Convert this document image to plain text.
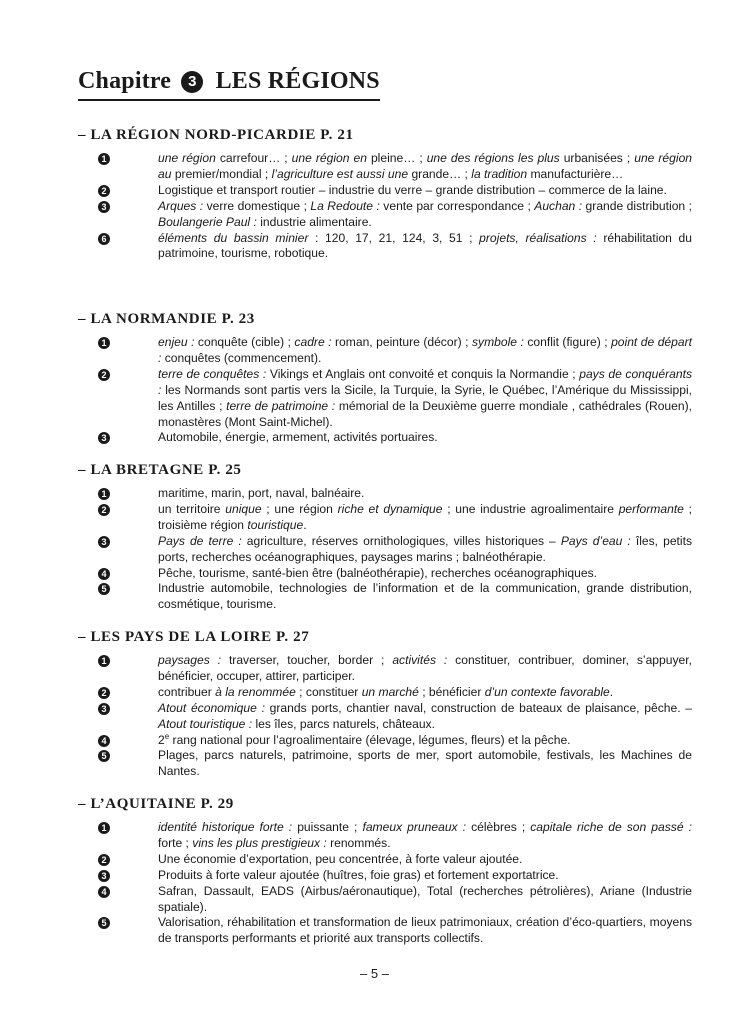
Chapitre 3 LES RÉGIONS
– LA RÉGION NORD-PICARDIE P. 21
1	une région carrefour… ; une région en pleine… ; une des régions les plus urbanisées ; une région au premier/mondial ; l’agriculture est aussi une grande… ; la tradition manufacturière…
2	Logistique et transport routier – industrie du verre – grande distribution – commerce de la laine.
3	Arques : verre domestique ; La Redoute : vente par correspondance ; Auchan : grande distribution ; Boulangerie Paul : industrie alimentaire.
6	éléments du bassin minier : 120, 17, 21, 124, 3, 51 ; projets, réalisations : réhabilitation du patrimoine, tourisme, robotique.
– LA NORMANDIE P. 23
1	enjeu : conquête (cible) ; cadre : roman, peinture (décor) ; symbole : conflit (figure) ; point de départ : conquêtes (commencement).
2	terre de conquêtes : Vikings et Anglais ont convoité et conquis la Normandie ; pays de conquérants : les Normands sont partis vers la Sicile, la Turquie, la Syrie, le Québec, l’Amérique du Mississippi, les Antilles ; terre de patrimoine : mémorial de la Deuxième guerre mondiale , cathédrales (Rouen), monastères (Mont Saint-Michel).
3	Automobile, énergie, armement, activités portuaires.
– LA BRETAGNE P. 25
1	maritime, marin, port, naval, balnéaire.
2	un territoire unique ; une région riche et dynamique ; une industrie agroalimentaire performante ; troisième région touristique.
3	Pays de terre : agriculture, réserves ornithologiques, villes historiques – Pays d’eau : îles, petits ports, recherches océanographiques, paysages marins ; balnéothérapie.
4	Pêche, tourisme, santé-bien être (balnéothérapie), recherches océanographiques.
5	Industrie automobile, technologies de l’information et de la communication, grande distribution, cosmétique, tourisme.
– LES PAYS DE LA LOIRE P. 27
1	paysages : traverser, toucher, border ; activités : constituer, contribuer, dominer, s’appuyer, bénéficier, occuper, attirer, participer.
2	contribuer à la renommée ; constituer un marché ; bénéficier d’un contexte favorable.
3	Atout économique : grands ports, chantier naval, construction de bateaux de plaisance, pêche. – Atout touristique : les îles, parcs naturels, châteaux.
4	2e rang national pour l’agroalimentaire (élevage, légumes, fleurs) et la pêche.
5	Plages, parcs naturels, patrimoine, sports de mer, sport automobile, festivals, les Machines de Nantes.
– L’AQUITAINE P. 29
1	identité historique forte : puissante ; fameux pruneaux : célèbres ; capitale riche de son passé : forte ; vins les plus prestigieux : renommés.
2	Une économie d’exportation, peu concentrée, à forte valeur ajoutée.
3	Produits à forte valeur ajoutée (huîtres, foie gras) et fortement exportatrice.
4	Safran, Dassault, EADS (Airbus/aéronautique), Total (recherches pétrolières), Ariane (Industrie spatiale).
5	Valorisation, réhabilitation et transformation de lieux patrimoniaux, création d’éco-quartiers, moyens de transports performants et priorité aux transports collectifs.
– 5 –
